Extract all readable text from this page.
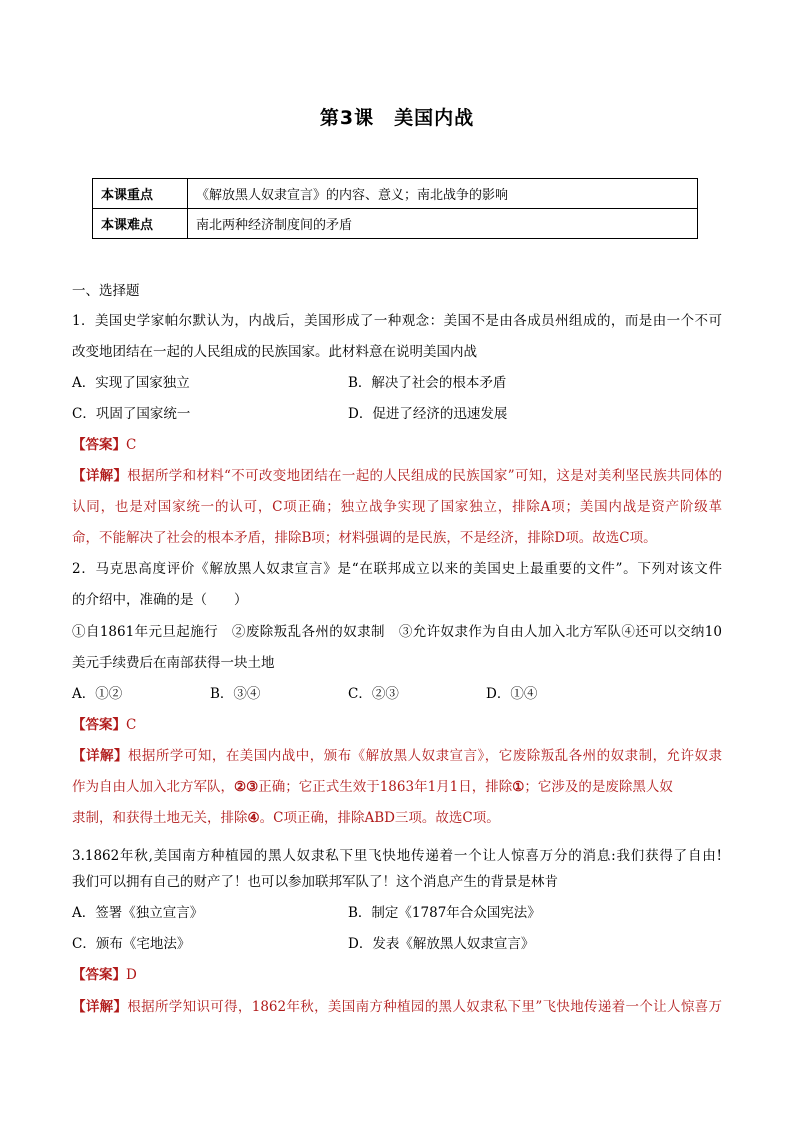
第3课　美国内战
本课重点	《解放黑人奴隶宣言》的内容、意义；南北战争的影响
本课难点	南北两种经济制度间的矛盾
一、选择题
1．美国史学家帕尔默认为，内战后，美国形成了一种观念：美国不是由各成员州组成的，而是由一个不可
改变地团结在一起的人民组成的民族国家。此材料意在说明美国内战
A．实现了国家独立	B．解决了社会的根本矛盾
C．巩固了国家统一	D．促进了经济的迅速发展
【答案】C
【详解】根据所学和材料“不可改变地团结在一起的人民组成的民族国家”可知，这是对美利坚民族共同体的
认同，也是对国家统一的认可，C项正确；独立战争实现了国家独立，排除A项；美国内战是资产阶级革
命，不能解决了社会的根本矛盾，排除B项；材料强调的是民族，不是经济，排除D项。故选C项。
2．马克思高度评价《解放黑人奴隶宣言》是“在联邦成立以来的美国史上最重要的文件”。下列对该文件
的介绍中，准确的是（　　）
①自1861年元旦起施行　②废除叛乱各州的奴隶制　③允许奴隶作为自由人加入北方军队④还可以交纳10
美元手续费后在南部获得一块土地
A．①②	B．③④	C．②③	D．①④
【答案】C
【详解】根据所学可知，在美国内战中，颁布《解放黑人奴隶宣言》，它废除叛乱各州的奴隶制，允许奴隶
作为自由人加入北方军队，②③正确；它正式生效于1863年1月1日，排除①；它涉及的是废除黑人奴
隶制，和获得土地无关，排除④。C项正确，排除ABD三项。故选C项。
3.1862年秋,美国南方种植园的黑人奴隶私下里飞快地传递着一个让人惊喜万分的消息:我们获得了自由!
我们可以拥有自己的财产了！也可以参加联邦军队了！这个消息产生的背景是林肯
A．签署《独立宣言》	B．制定《1787年合众国宪法》
C．颁布《宅地法》	D．发表《解放黑人奴隶宣言》
【答案】D
【详解】根据所学知识可得，1862年秋，美国南方种植园的黑人奴隶私下里”飞快地传递着一个让人惊喜万
